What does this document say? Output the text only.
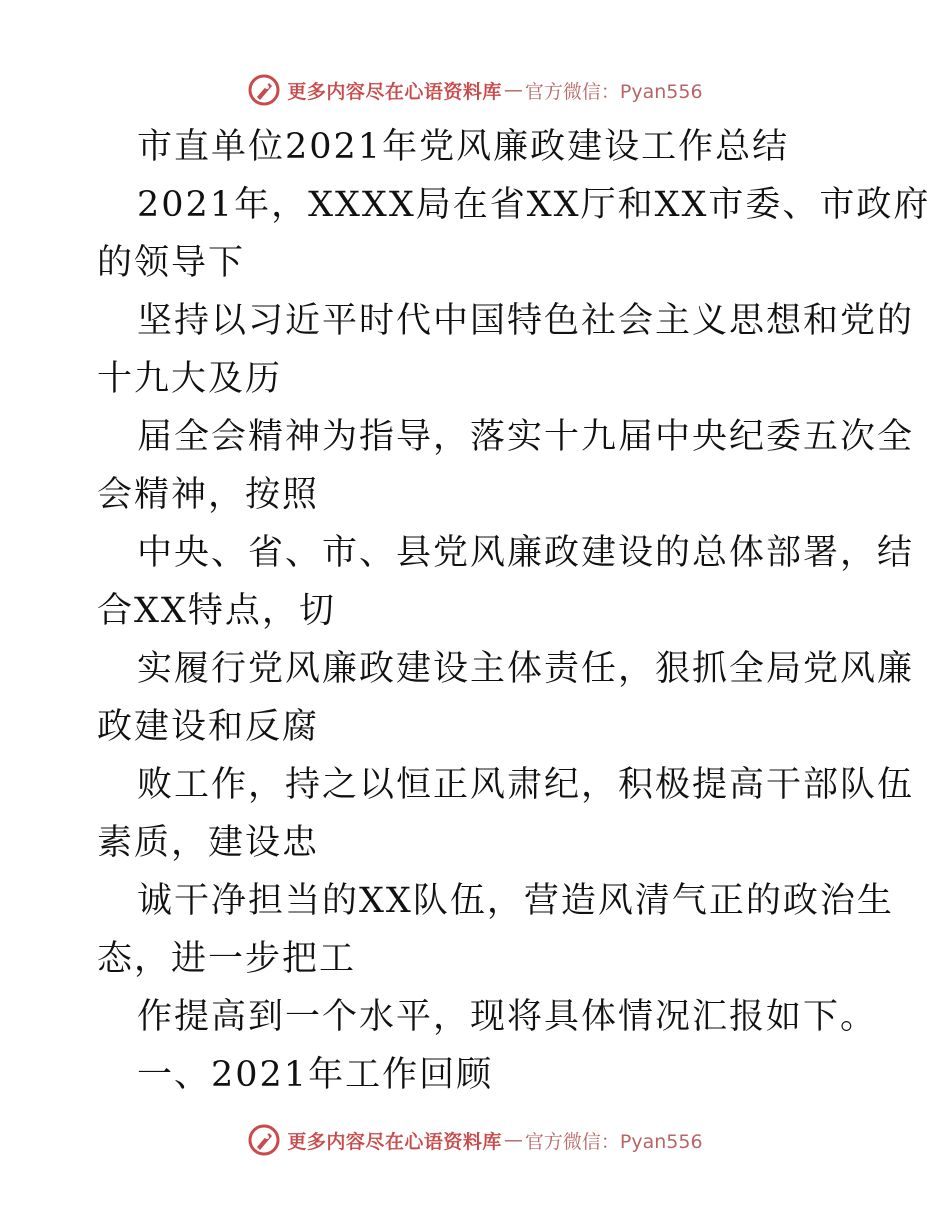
更多内容尽在心语资料库 — 官方微信：Pyan556
市直单位2021年党风廉政建设工作总结
2021年，XXXX局在省XX厅和XX市委、市政府
的领导下
坚持以习近平时代中国特色社会主义思想和党的
十九大及历
届全会精神为指导，落实十九届中央纪委五次全
会精神，按照
中央、省、市、县党风廉政建设的总体部署，结
合XX特点，切
实履行党风廉政建设主体责任，狠抓全局党风廉
政建设和反腐
败工作，持之以恒正风肃纪，积极提高干部队伍
素质，建设忠
诚干净担当的XX队伍，营造风清气正的政治生
态，进一步把工
作提高到一个水平，现将具体情况汇报如下。
一、2021年工作回顾
更多内容尽在心语资料库 — 官方微信：Pyan556
